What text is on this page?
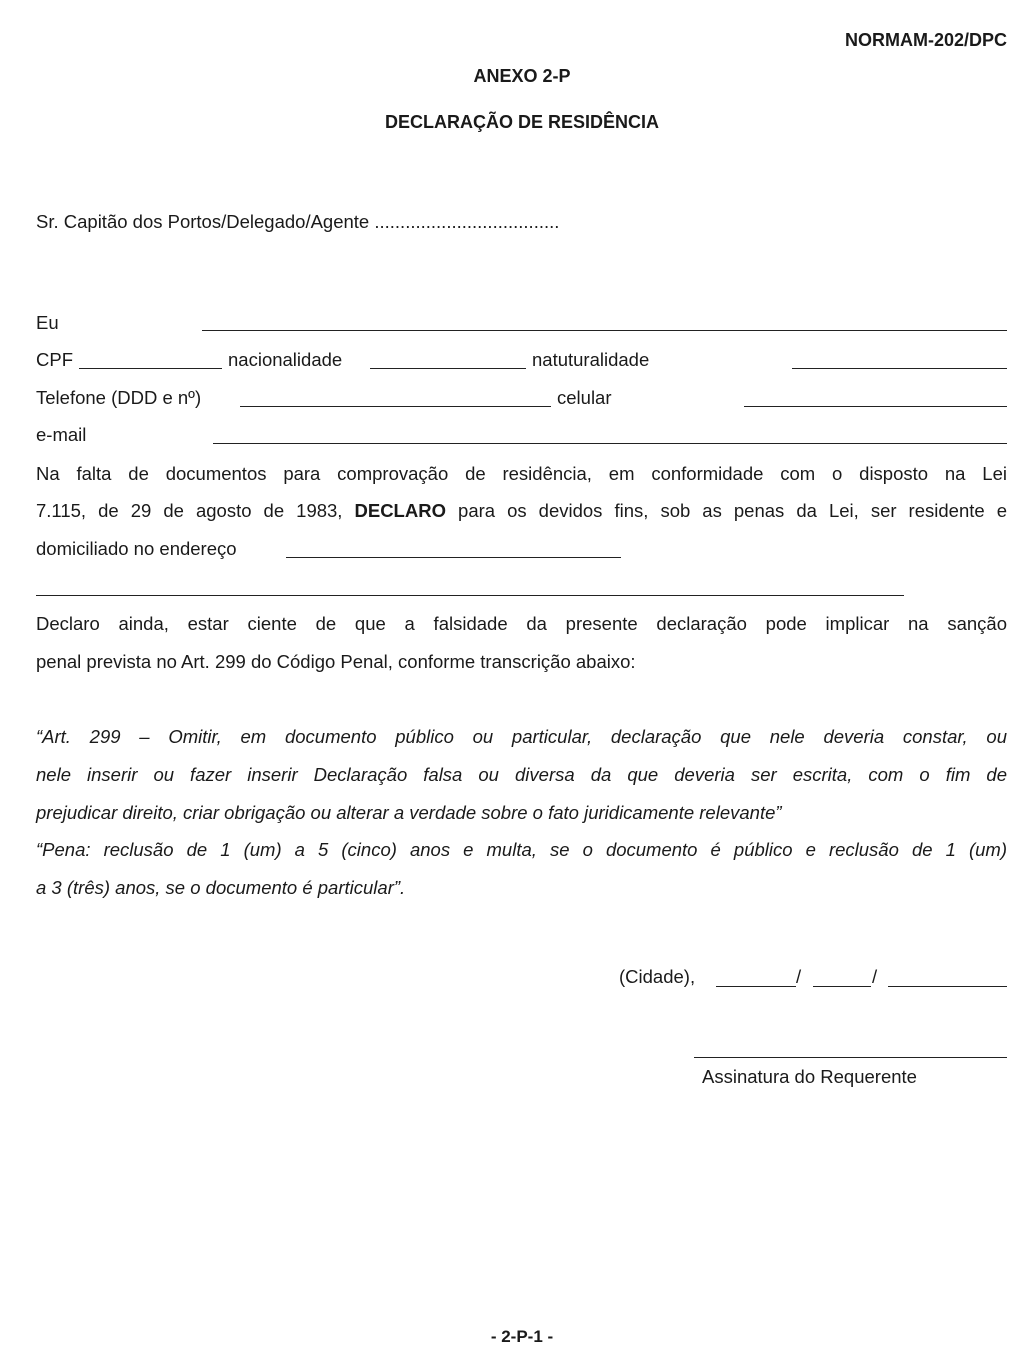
NORMAM-202/DPC
ANEXO 2-P
DECLARAÇÃO DE RESIDÊNCIA
Sr. Capitão dos Portos/Delegado/Agente ....................................
Eu
CPF	nacionalidade	natuturalidade
Telefone (DDD e nº)	celular
e-mail
Na falta de documentos para comprovação de residência, em conformidade com o disposto na Lei
7.115, de 29 de agosto de 1983, DECLARO para os devidos fins, sob as penas da Lei, ser residente e
domiciliado no endereço
Declaro ainda, estar ciente de que a falsidade da presente declaração pode implicar na sanção
penal prevista no Art. 299 do Código Penal, conforme transcrição abaixo:
“Art. 299 – Omitir, em documento público ou particular, declaração que nele deveria constar, ou
nele inserir ou fazer inserir Declaração falsa ou diversa da que deveria ser escrita, com o fim de
prejudicar direito, criar obrigação ou alterar a verdade sobre o fato juridicamente relevante”
“Pena: reclusão de 1 (um) a 5 (cinco) anos e multa, se o documento é público e reclusão de 1 (um)
a 3 (três) anos, se o documento é particular”.
(Cidade),	/	/
Assinatura do Requerente
- 2-P-1 -
